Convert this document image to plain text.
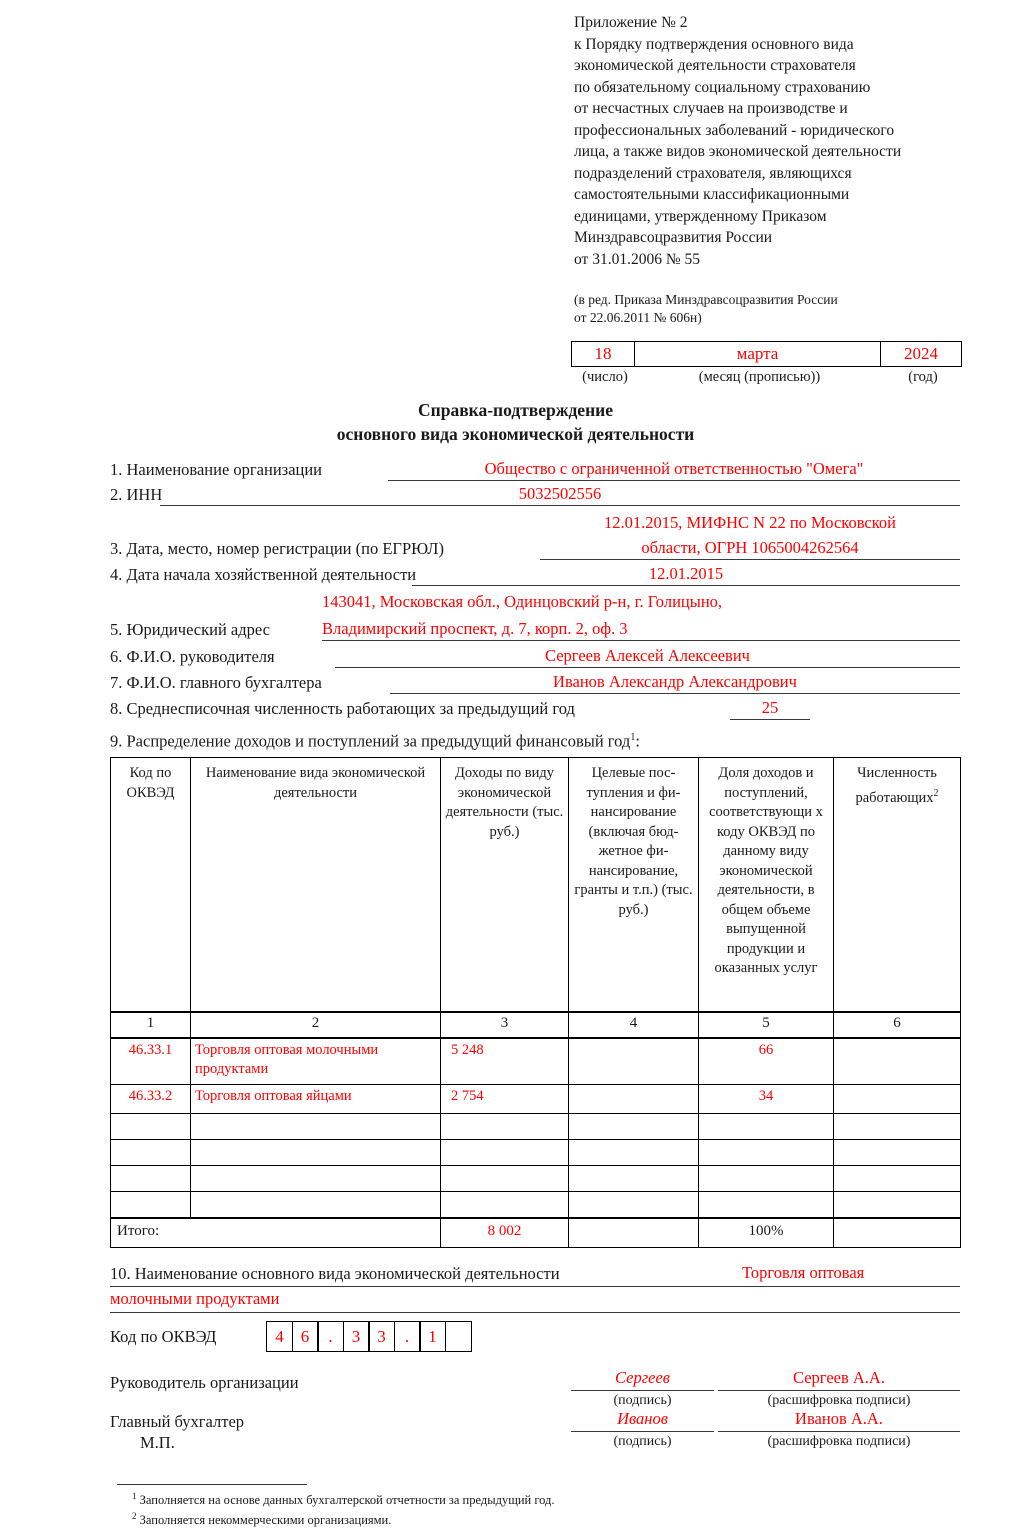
Приложение № 2
к Порядку подтверждения основного вида
экономической деятельности страхователя
по обязательному социальному страхованию
от несчастных случаев на производстве и
профессиональных заболеваний - юридического
лица, а также видов экономической деятельности
подразделений страхователя, являющихся
самостоятельными классификационными
единицами, утвержденному Приказом
Минздравсоцразвития России
от 31.01.2006 № 55
(в ред. Приказа Минздравсоцразвития России
от 22.06.2011 № 606н)
18	марта	2024
(число)	(месяц (прописью))	(год)
Справка-подтверждение
основного вида экономической деятельности
1. Наименование организации	Общество с ограниченной ответственностью "Омега"
2. ИНН	5032502556
12.01.2015, МИФНС N 22 по Московской
3. Дата, место, номер регистрации (по ЕГРЮЛ)	области, ОГРН 1065004262564
4. Дата начала хозяйственной деятельности	12.01.2015
143041, Московская обл., Одинцовский р-н, г. Голицыно,
5. Юридический адрес	Владимирский проспект, д. 7, корп. 2, оф. 3
6. Ф.И.О. руководителя	Сергеев Алексей Алексеевич
7. Ф.И.О. главного бухгалтера	Иванов Александр Александрович
8. Среднесписочная численность работающих за предыдущий год	25
9. Распределение доходов и поступлений за предыдущий финансовый год$^1$:
Код по ОКВЭД	Наименование вида экономической деятельности	Доходы по виду экономической деятельности (тыс. руб.)	Целевые пос-тупления и фи-нансирование (включая бюд-жетное фи-нансирование, гранты и т.п.) (тыс. руб.)	Доля доходов и поступлений, соответствующи х коду ОКВЭД по данному виду экономической деятельности, в общем объеме выпущенной продукции и оказанных услуг	Численность работающих$^2$
1	2	3	4	5	6
46.33.1	Торговля оптовая молочными продуктами	5 248		66	
46.33.2	Торговля оптовая яйцами	2 754		34	

Итого:		8 002		100%	
10. Наименование основного вида экономической деятельности	Торговля оптовая
молочными продуктами
Код по ОКВЭД	4	6	.	3	3	.	1
Руководитель организации	Сергеев	Сергеев А.А.
(подпись)	(расшифровка подписи)
Главный бухгалтер	Иванов	Иванов А.А.
(подпись)	(расшифровка подписи)
М.П.
$^1$ Заполняется на основе данных бухгалтерской отчетности за предыдущий год.
$^2$ Заполняется некоммерческими организациями.
